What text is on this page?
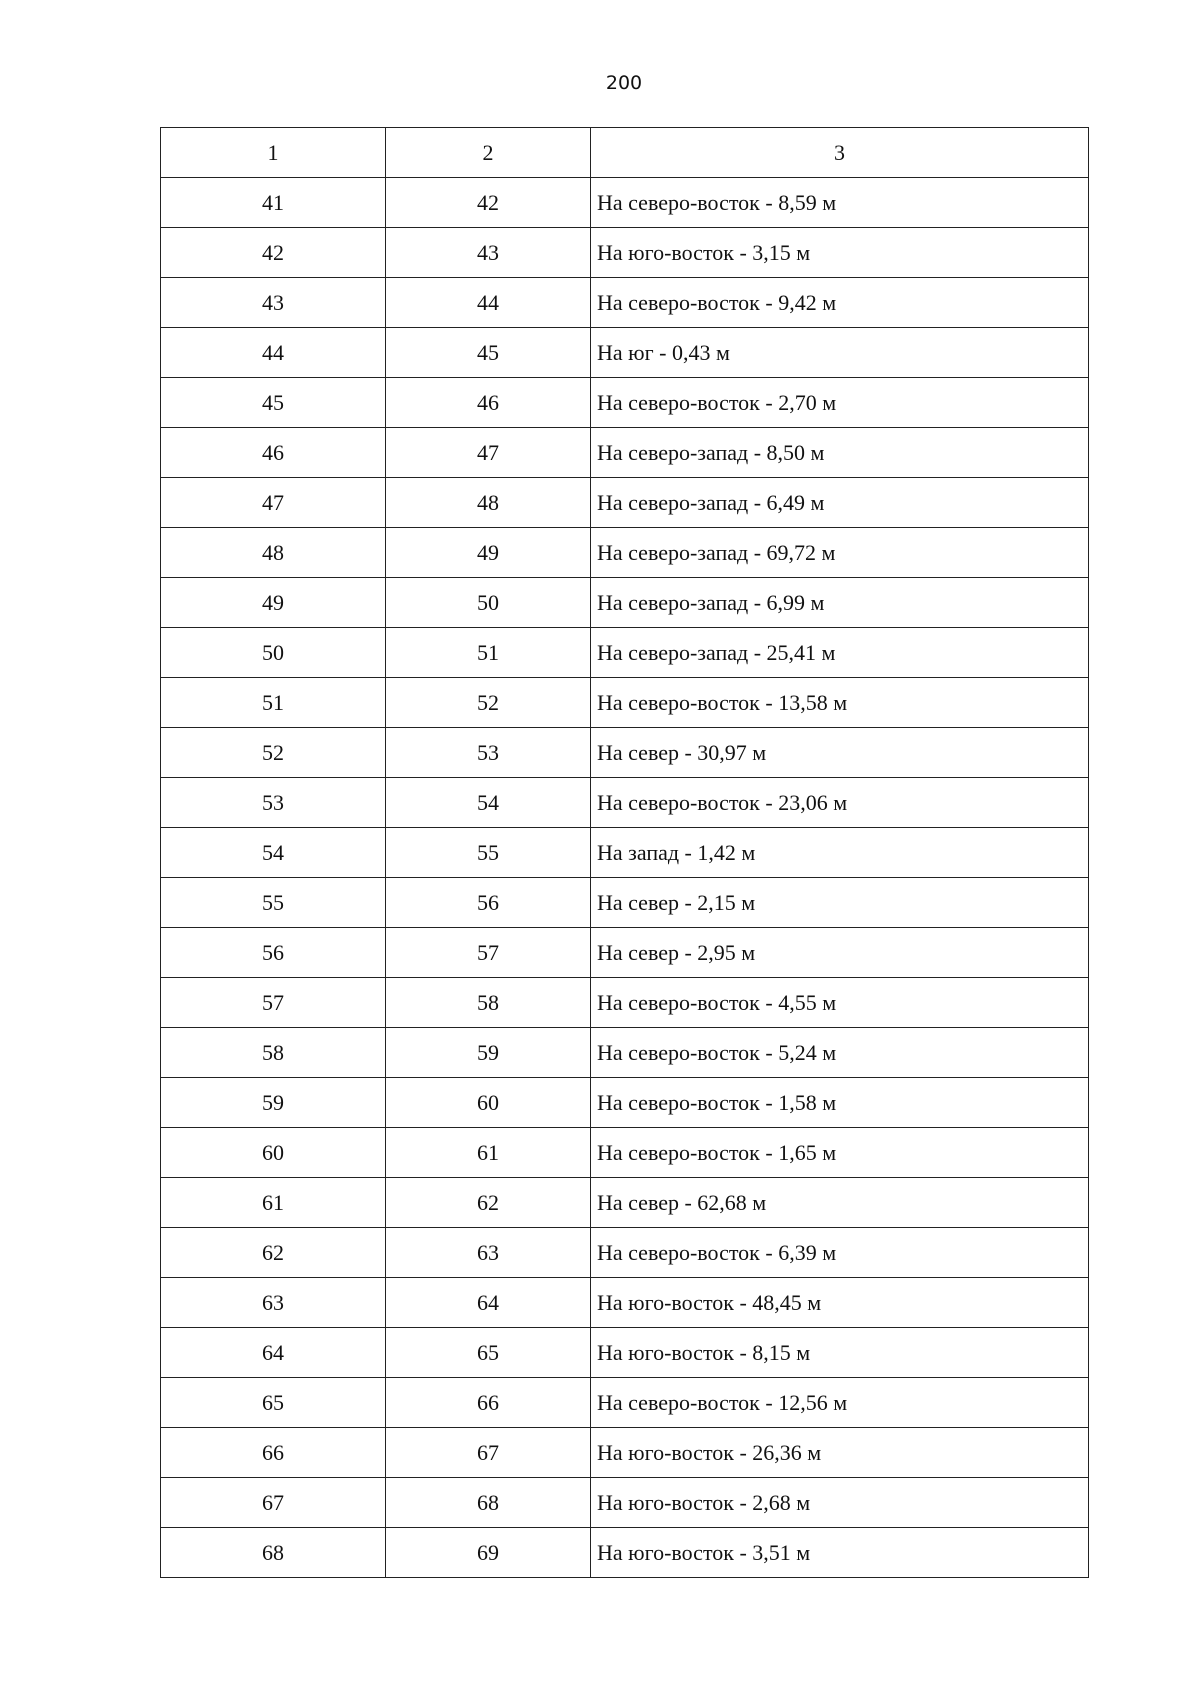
200
1	2	3
41	42	На северо-восток - 8,59 м
42	43	На юго-восток - 3,15 м
43	44	На северо-восток - 9,42 м
44	45	На юг - 0,43 м
45	46	На северо-восток - 2,70 м
46	47	На северо-запад - 8,50 м
47	48	На северо-запад - 6,49 м
48	49	На северо-запад - 69,72 м
49	50	На северо-запад - 6,99 м
50	51	На северо-запад - 25,41 м
51	52	На северо-восток - 13,58 м
52	53	На север - 30,97 м
53	54	На северо-восток - 23,06 м
54	55	На запад - 1,42 м
55	56	На север - 2,15 м
56	57	На север - 2,95 м
57	58	На северо-восток - 4,55 м
58	59	На северо-восток - 5,24 м
59	60	На северо-восток - 1,58 м
60	61	На северо-восток - 1,65 м
61	62	На север - 62,68 м
62	63	На северо-восток - 6,39 м
63	64	На юго-восток - 48,45 м
64	65	На юго-восток - 8,15 м
65	66	На северо-восток - 12,56 м
66	67	На юго-восток - 26,36 м
67	68	На юго-восток - 2,68 м
68	69	На юго-восток - 3,51 м
